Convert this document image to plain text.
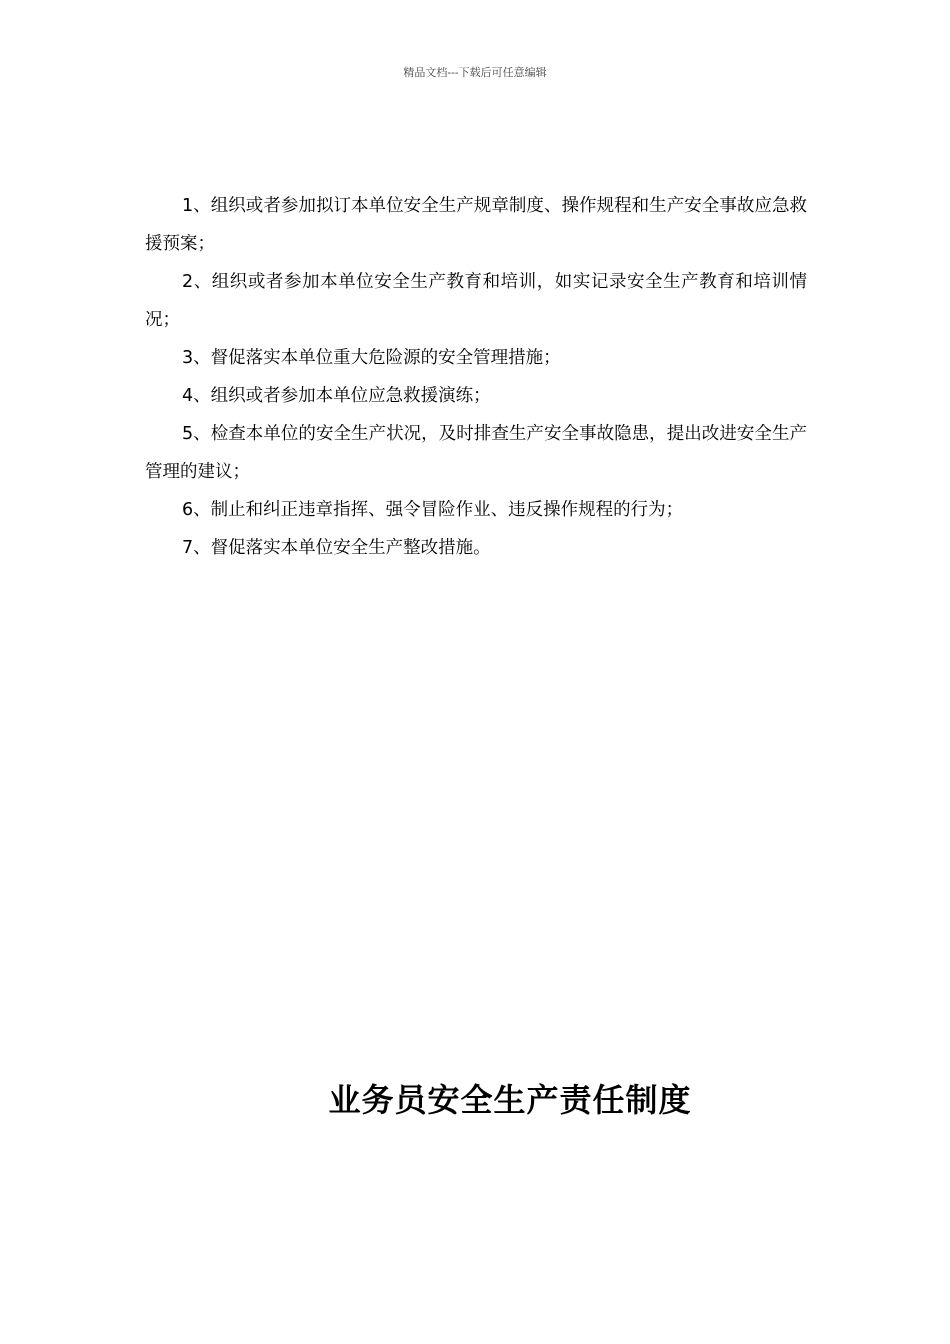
精品文档---下载后可任意编辑

1、组织或者参加拟订本单位安全生产规章制度、操作规程和生产安全事故应急救援预案；

2、组织或者参加本单位安全生产教育和培训，如实记录安全生产教育和培训情况；

3、督促落实本单位重大危险源的安全管理措施；

4、组织或者参加本单位应急救援演练；

5、检查本单位的安全生产状况，及时排查生产安全事故隐患，提出改进安全生产管理的建议；

6、制止和纠正违章指挥、强令冒险作业、违反操作规程的行为；

7、督促落实本单位安全生产整改措施。

业务员安全生产责任制度
